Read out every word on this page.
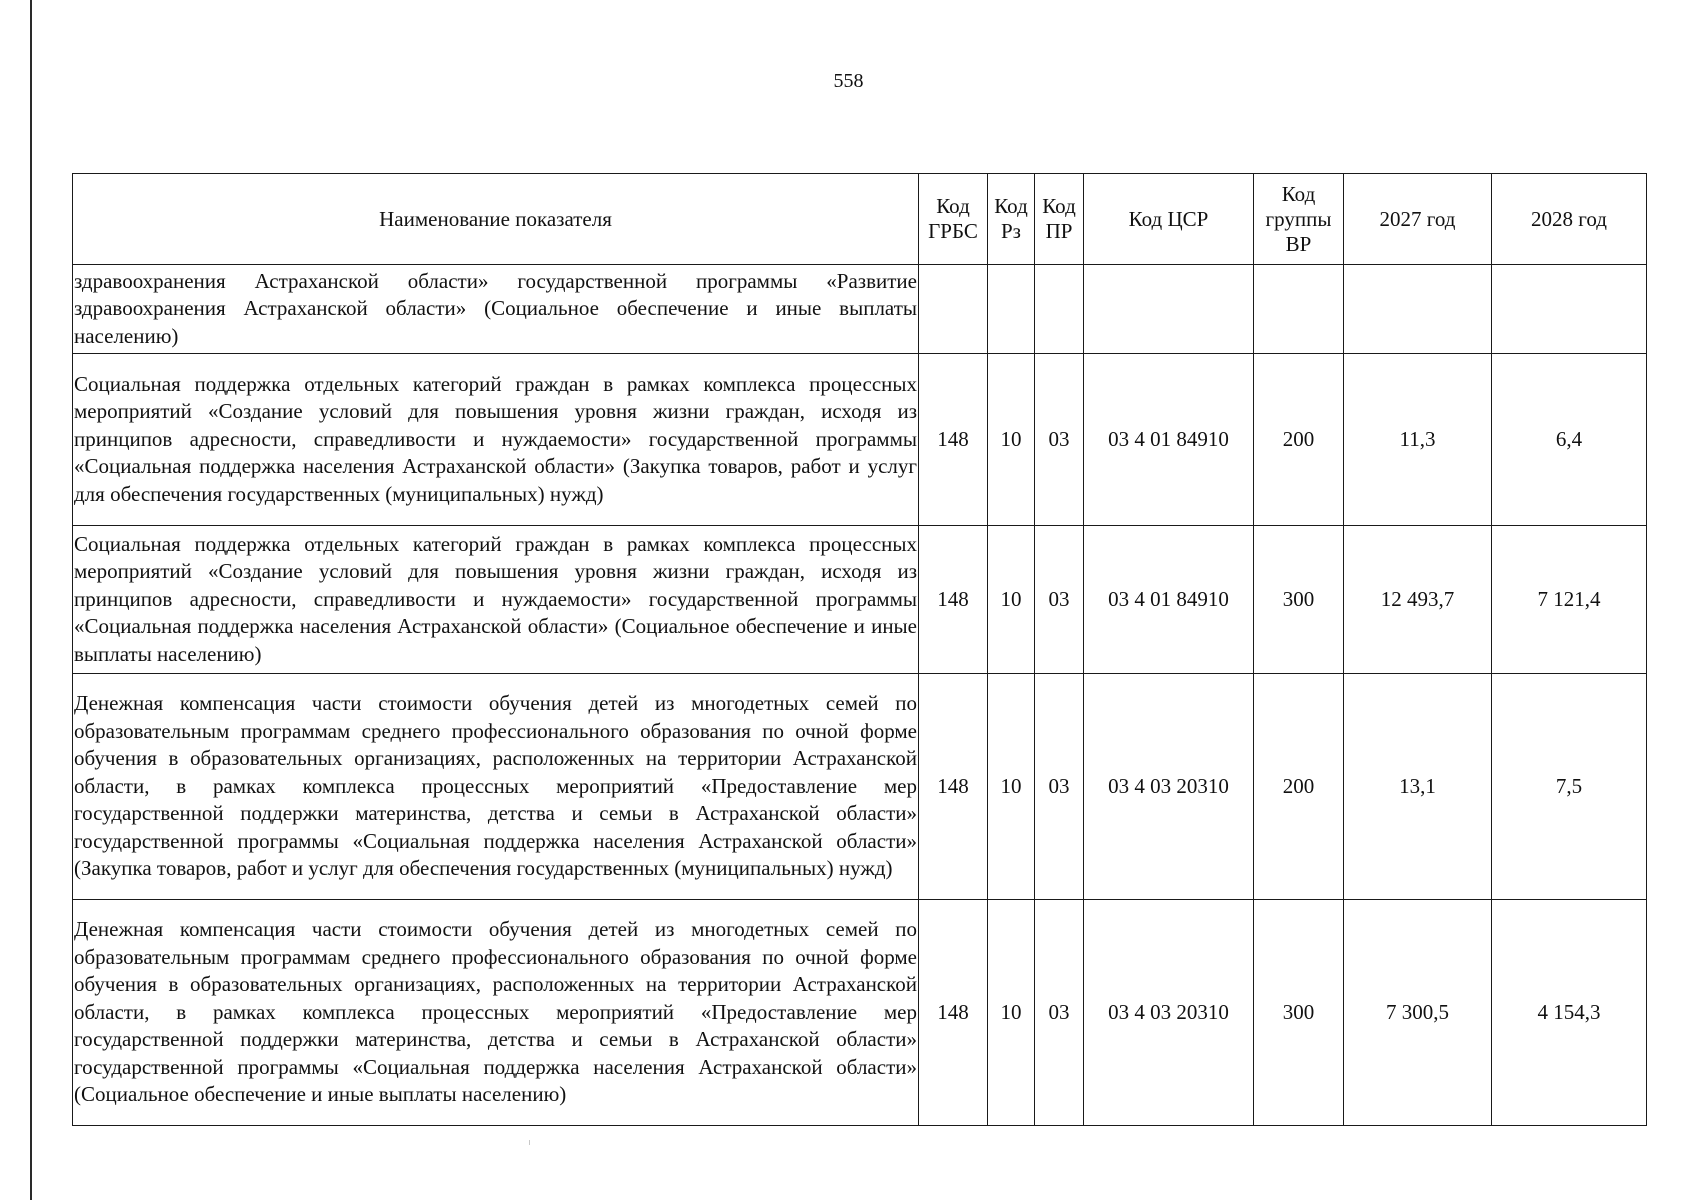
558
Наименование показателя	Код ГРБС	Код Рз	Код ПР	Код ЦСР	Код группы ВР	2027 год	2028 год
здравоохранения Астраханской области» государственной программы «Развитие здравоохранения Астраханской области» (Социальное обеспечение и иные выплаты населению)							
Социальная поддержка отдельных категорий граждан в рамках комплекса процессных мероприятий «Создание условий для повышения уровня жизни граждан, исходя из принципов адресности, справедливости и нуждаемости» государственной программы «Социальная поддержка населения Астраханской области» (Закупка товаров, работ и услуг для обеспечения государственных (муниципальных) нужд)	148	10	03	03 4 01 84910	200	11,3	6,4
Социальная поддержка отдельных категорий граждан в рамках комплекса процессных мероприятий «Создание условий для повышения уровня жизни граждан, исходя из принципов адресности, справедливости и нуждаемости» государственной программы «Социальная поддержка населения Астраханской области» (Социальное обеспечение и иные выплаты населению)	148	10	03	03 4 01 84910	300	12 493,7	7 121,4
Денежная компенсация части стоимости обучения детей из многодетных семей по образовательным программам среднего профессионального образования по очной форме обучения в образовательных организациях, расположенных на территории Астраханской области, в рамках комплекса процессных мероприятий «Предоставление мер государственной поддержки материнства, детства и семьи в Астраханской области» государственной программы «Социальная поддержка населения Астраханской области» (Закупка товаров, работ и услуг для обеспечения государственных (муниципальных) нужд)	148	10	03	03 4 03 20310	200	13,1	7,5
Денежная компенсация части стоимости обучения детей из многодетных семей по образовательным программам среднего профессионального образования по очной форме обучения в образовательных организациях, расположенных на территории Астраханской области, в рамках комплекса процессных мероприятий «Предоставление мер государственной поддержки материнства, детства и семьи в Астраханской области» государственной программы «Социальная поддержка населения Астраханской области» (Социальное обеспечение и иные выплаты населению)	148	10	03	03 4 03 20310	300	7 300,5	4 154,3
